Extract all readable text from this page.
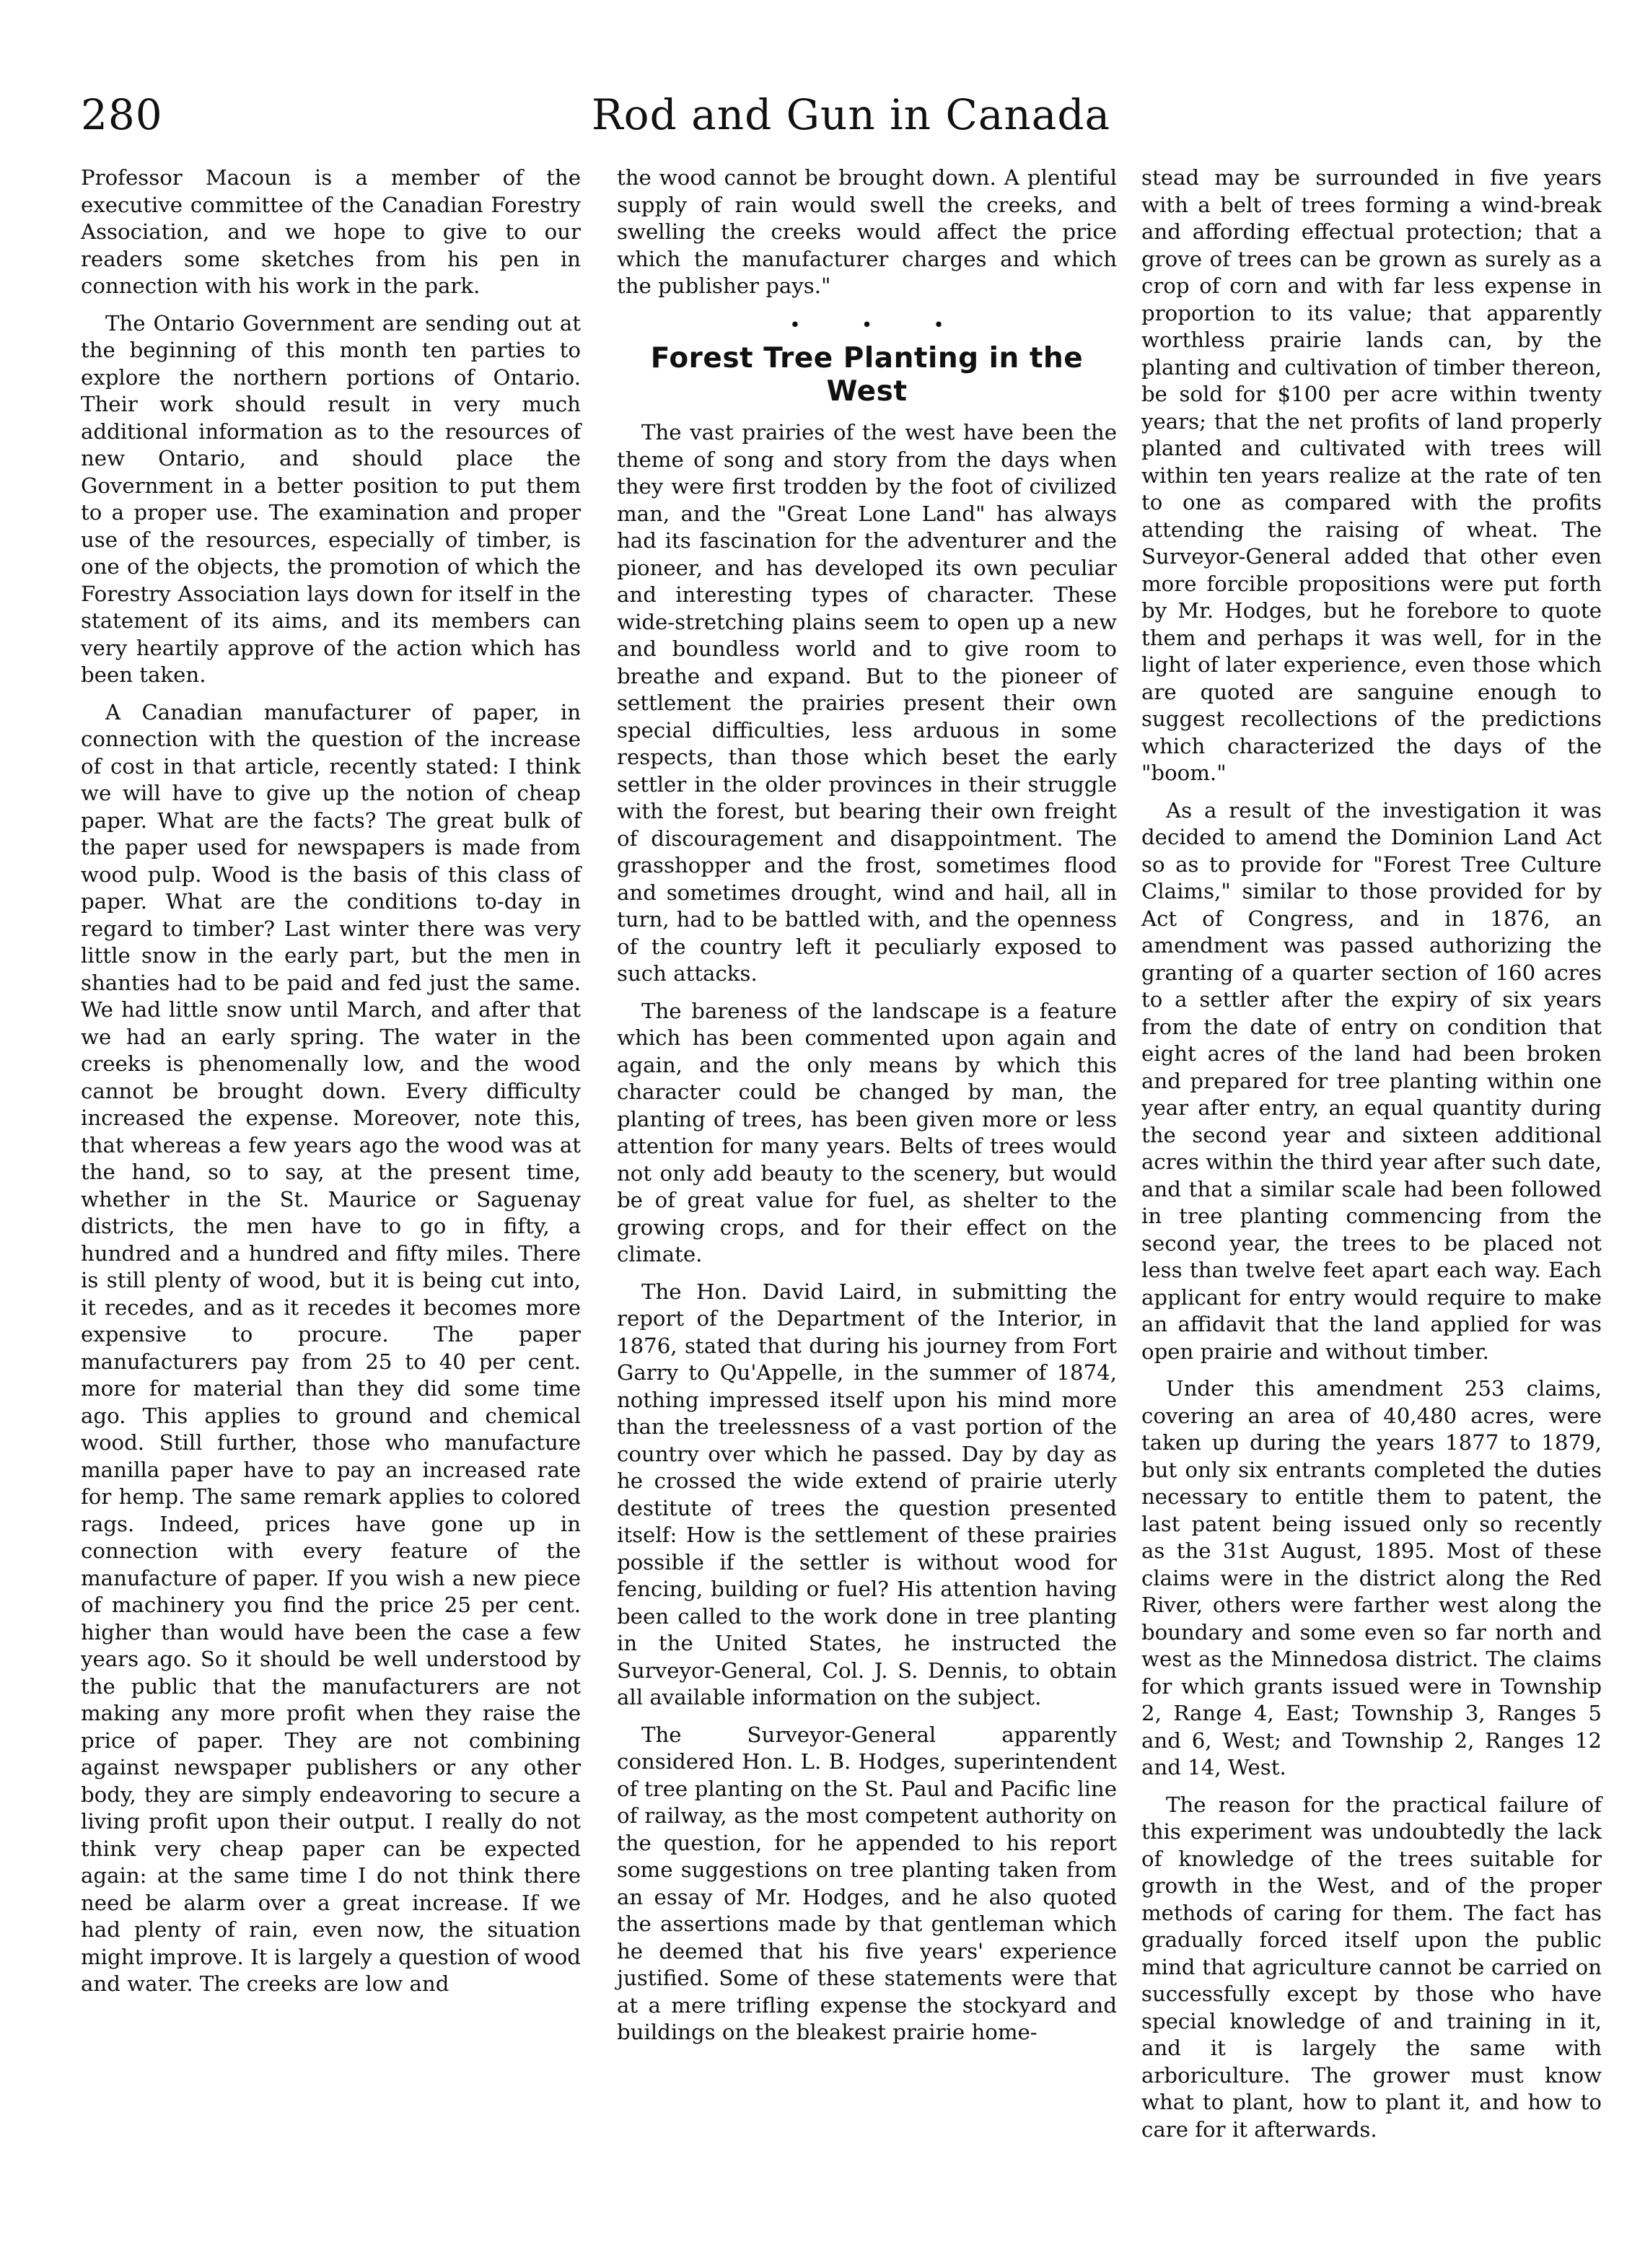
280	Rod and Gun in Canada

Professor Macoun is a member of the executive committee of the Canadian Forestry Association, and we hope to give to our readers some sketches from his pen in connection with his work in the park.

The Ontario Government are sending out at the beginning of this month ten parties to explore the northern portions of Ontario. Their work should result in very much additional information as to the resources of new Ontario, and should place the Government in a better position to put them to a proper use. The examination and proper use of the resources, especially of timber, is one of the objects, the promotion of which the Forestry Association lays down for itself in the statement of its aims, and its members can very heartily approve of the action which has been taken.

A Canadian manufacturer of paper, in connection with the question of the increase of cost in that article, recently stated: I think we will have to give up the notion of cheap paper. What are the facts? The great bulk of the paper used for newspapers is made from wood pulp. Wood is the basis of this class of paper. What are the conditions to-day in regard to timber? Last winter there was very little snow in the early part, but the men in shanties had to be paid and fed just the same. We had little snow until March, and after that we had an early spring. The water in the creeks is phenomenally low, and the wood cannot be brought down. Every difficulty increased the expense. Moreover, note this, that whereas a few years ago the wood was at the hand, so to say, at the present time, whether in the St. Maurice or Saguenay districts, the men have to go in fifty, a hundred and a hundred and fifty miles. There is still plenty of wood, but it is being cut into, it recedes, and as it recedes it becomes more expensive to procure. The paper manufacturers pay from 25 to 40 per cent. more for material than they did some time ago. This applies to ground and chemical wood. Still further, those who manufacture manilla paper have to pay an increased rate for hemp. The same remark applies to colored rags. Indeed, prices have gone up in connection with every feature of the manufacture of paper. If you wish a new piece of machinery you find the price 25 per cent. higher than would have been the case a few years ago. So it should be well understood by the public that the manufacturers are not making any more profit when they raise the price of paper. They are not combining against newspaper publishers or any other body, they are simply endeavoring to secure a living profit upon their output. I really do not think very cheap paper can be expected again: at the same time I do not think there need be alarm over a great increase. If we had plenty of rain, even now, the situation might improve. It is largely a question of wood and water. The creeks are low and

the wood cannot be brought down. A plentiful supply of rain would swell the creeks, and swelling the creeks would affect the price which the manufacturer charges and which the publisher pays."

• • •
Forest Tree Planting in the West

The vast prairies of the west have been the theme of song and story from the days when they were first trodden by the foot of civilized man, and the "Great Lone Land" has always had its fascination for the adventurer and the pioneer, and has developed its own peculiar and interesting types of character. These wide-stretching plains seem to open up a new and boundless world and to give room to breathe and expand. But to the pioneer of settlement the prairies present their own special difficulties, less arduous in some respects, than those which beset the early settler in the older provinces in their struggle with the forest, but bearing their own freight of discouragement and disappointment. The grasshopper and the frost, sometimes flood and sometimes drought, wind and hail, all in turn, had to be battled with, and the openness of the country left it peculiarly exposed to such attacks.

The bareness of the landscape is a feature which has been commented upon again and again, and the only means by which this character could be changed by man, the planting of trees, has been given more or less attention for many years. Belts of trees would not only add beauty to the scenery, but would be of great value for fuel, as shelter to the growing crops, and for their effect on the climate.

The Hon. David Laird, in submitting the report of the Department of the Interior, in 1876, stated that during his journey from Fort Garry to Qu'Appelle, in the summer of 1874, nothing impressed itself upon his mind more than the treelessness of a vast portion of the country over which he passed. Day by day as he crossed the wide extend of prairie uterly destitute of trees the question presented itself: How is the settlement of these prairies possible if the settler is without wood for fencing, building or fuel? His attention having been called to the work done in tree planting in the United States, he instructed the Surveyor-General, Col. J. S. Dennis, to obtain all available information on the subject.

The Surveyor-General apparently considered Hon. L. B. Hodges, superintendent of tree planting on the St. Paul and Pacific line of railway, as the most competent authority on the question, for he appended to his report some suggestions on tree planting taken from an essay of Mr. Hodges, and he also quoted the assertions made by that gentleman which he deemed that his five years' experience justified. Some of these statements were that at a mere trifling expense the stockyard and buildings on the bleakest prairie home-

stead may be surrounded in five years with a belt of trees forming a wind-break and affording effectual protection; that a grove of trees can be grown as surely as a crop of corn and with far less expense in proportion to its value; that apparently worthless prairie lands can, by the planting and cultivation of timber thereon, be sold for $100 per acre within twenty years; that the net profits of land properly planted and cultivated with trees will within ten years realize at the rate of ten to one as compared with the profits attending the raising of wheat. The Surveyor-General added that other even more forcible propositions were put forth by Mr. Hodges, but he forebore to quote them and perhaps it was well, for in the light of later experience, even those which are quoted are sanguine enough to suggest recollections of the predictions which characterized the days of the "boom."

As a result of the investigation it was decided to amend the Dominion Land Act so as to provide for "Forest Tree Culture Claims," similar to those provided for by Act of Congress, and in 1876, an amendment was passed authorizing the granting of a quarter section of 160 acres to a settler after the expiry of six years from the date of entry on condition that eight acres of the land had been broken and prepared for tree planting within one year after entry, an equal quantity during the second year and sixteen additional acres within the third year after such date, and that a similar scale had been followed in tree planting commencing from the second year, the trees to be placed not less than twelve feet apart each way. Each applicant for entry would require to make an affidavit that the land applied for was open prairie and without timber.

Under this amendment 253 claims, covering an area of 40,480 acres, were taken up during the years 1877 to 1879, but only six entrants completed the duties necessary to entitle them to patent, the last patent being issued only so recently as the 31st August, 1895. Most of these claims were in the district along the Red River, others were farther west along the boundary and some even so far north and west as the Minnedosa district. The claims for which grants issued were in Township 2, Range 4, East; Township 3, Ranges 5 and 6, West; and Township 2, Ranges 12 and 14, West.

The reason for the practical failure of this experiment was undoubtedly the lack of knowledge of the trees suitable for growth in the West, and of the proper methods of caring for them. The fact has gradually forced itself upon the public mind that agriculture cannot be carried on successfully except by those who have special knowledge of and training in it, and it is largely the same with arboriculture. The grower must know what to plant, how to plant it, and how to care for it afterwards.
